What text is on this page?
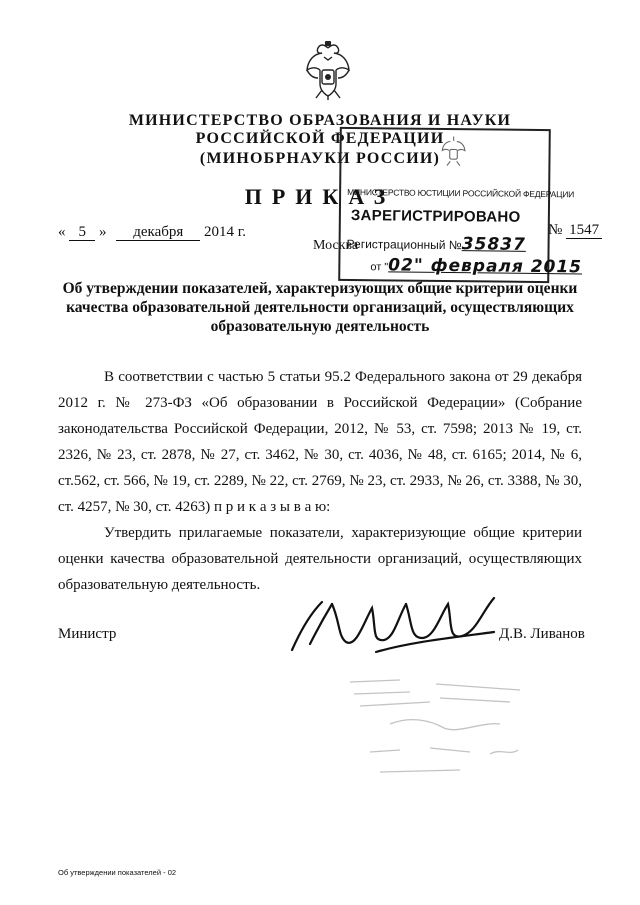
МИНИСТЕРСТВО ОБРАЗОВАНИЯ И НАУКИ
РОССИЙСКОЙ ФЕДЕРАЦИИ
(МИНОБРНАУКИ РОССИИ)
ПРИКАЗ
« 5 » декабря 2014 г.
Москва
№ 1547
МИНИСТЕРСТВО ЮСТИЦИИ РОССИЙСКОЙ ФЕДЕРАЦИИ
ЗАРЕГИСТРИРОВАНО
Регистрационный №35837
от "02" февраля 2015
Об утверждении показателей, характеризующих общие критерии оценки качества образовательной деятельности организаций, осуществляющих образовательную деятельность
В соответствии с частью 5 статьи 95.2 Федерального закона от 29 декабря 2012 г. № 273-ФЗ «Об образовании в Российской Федерации» (Собрание законодательства Российской Федерации, 2012, № 53, ст. 7598; 2013 № 19, ст. 2326, № 23, ст. 2878, № 27, ст. 3462, № 30, ст. 4036, № 48, ст. 6165; 2014, № 6, ст.562, ст. 566, № 19, ст. 2289, № 22, ст. 2769, № 23, ст. 2933, № 26, ст. 3388, № 30, ст. 4257, № 30, ст. 4263) п р и к а з ы в а ю:
Утвердить прилагаемые показатели, характеризующие общие критерии оценки качества образовательной деятельности организаций, осуществляющих образовательную деятельность.
Министр	Д.В. Ливанов
Об утверждении показателей - 02
